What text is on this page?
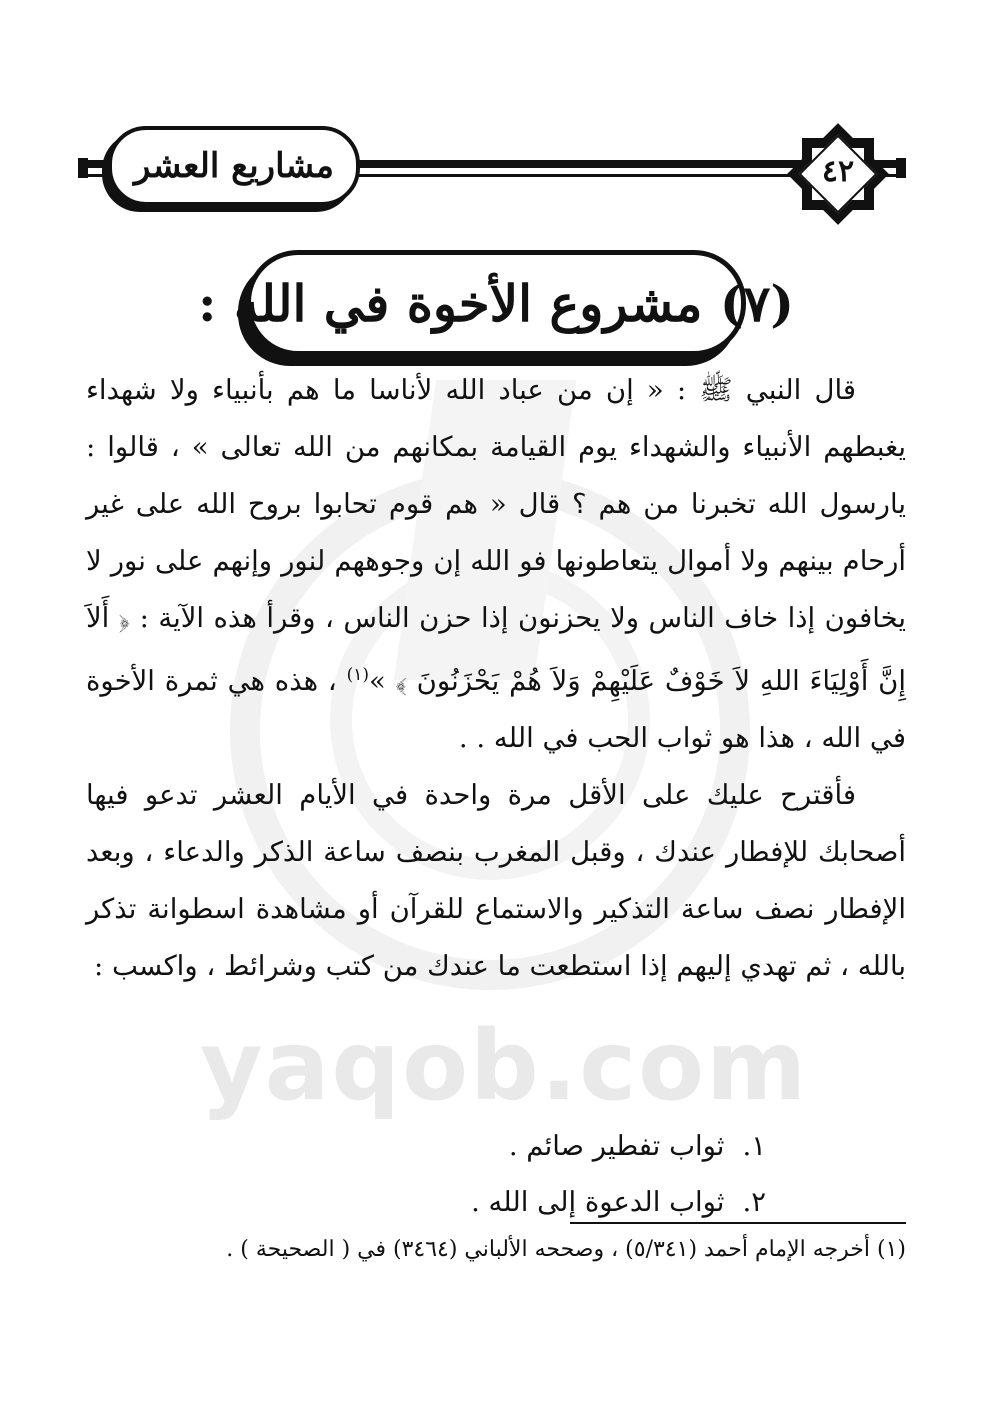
yaqob.com
مشاريع العشر	٤٢
(٧) مشروع الأخوة في الله :

قال النبي ﷺ : « إن من عباد الله لأناسا ما هم بأنبياء ولا شهداء يغبطهم الأنبياء والشهداء يوم القيامة بمكانهم من الله تعالى » ، قالوا : يارسول الله تخبرنا من هم ؟ قال « هم قوم تحابوا بروح الله على غير أرحام بينهم ولا أموال يتعاطونها فو الله إن وجوههم لنور وإنهم على نور لا يخافون إذا خاف الناس ولا يحزنون إذا حزن الناس ، وقرأ هذه الآية : ﴿ أَلاَ إِنَّ أَوْلِيَاءَ اللهِ لاَ خَوْفٌ عَلَيْهِمْ وَلاَ هُمْ يَحْزَنُونَ ﴾ »$^{(١)}$ ، هذه هي ثمرة الأخوة في الله ، هذا هو ثواب الحب في الله . .

فأقترح عليك على الأقل مرة واحدة في الأيام العشر تدعو فيها أصحابك للإفطار عندك ، وقبل المغرب بنصف ساعة الذكر والدعاء ، وبعد الإفطار نصف ساعة التذكير والاستماع للقرآن أو مشاهدة اسطوانة تذكر بالله ، ثم تهدي إليهم إذا استطعت ما عندك من كتب وشرائط ، واكسب :

١.
ثواب تفطير صائم .
٢.
ثواب الدعوة إلى الله .
(١) أخرجه الإمام أحمد (٥/٣٤١) ، وصححه الألباني (٣٤٦٤) في ( الصحيحة ) .
